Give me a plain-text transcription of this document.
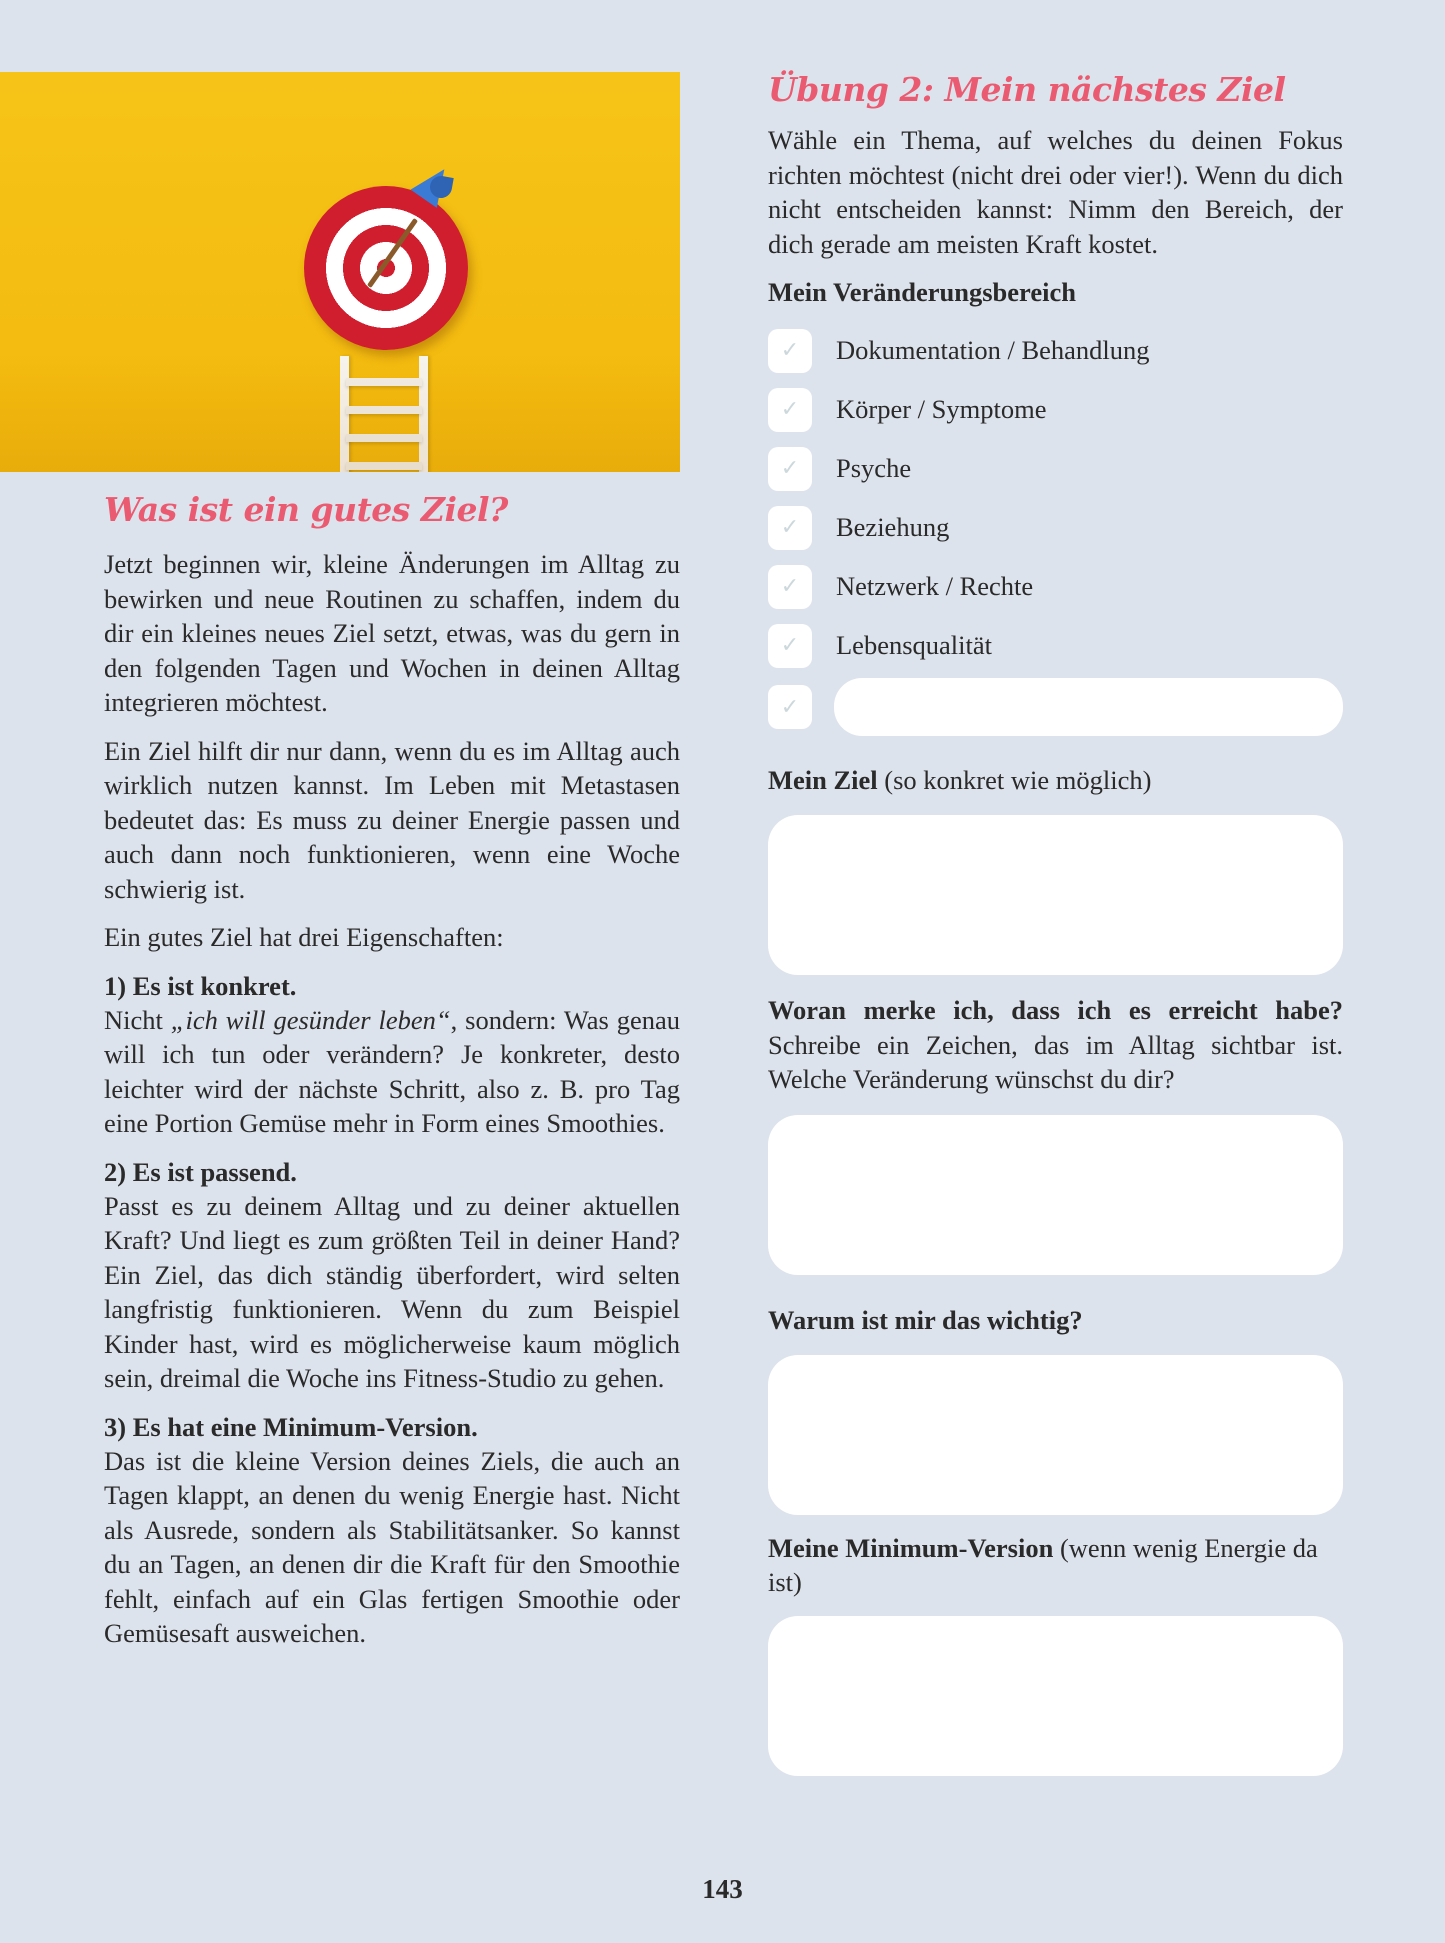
Was ist ein gutes Ziel?

Jetzt beginnen wir, kleine Änderungen im Alltag zu bewirken und neue Routinen zu schaffen, indem du dir ein kleines neues Ziel setzt, etwas, was du gern in den folgenden Tagen und Wochen in deinen Alltag integrieren möchtest.

Ein Ziel hilft dir nur dann, wenn du es im Alltag auch wirklich nutzen kannst. Im Leben mit Metastasen bedeutet das: Es muss zu deiner Energie passen und auch dann noch funktionieren, wenn eine Woche schwierig ist.

Ein gutes Ziel hat drei Eigenschaften:

1) Es ist konkret.

Nicht „ich will gesünder leben“, sondern: Was genau will ich tun oder verändern? Je konkreter, desto leichter wird der nächste Schritt, also z. B. pro Tag eine Portion Gemüse mehr in Form eines Smoothies.

2) Es ist passend.

Passt es zu deinem Alltag und zu deiner aktuellen Kraft? Und liegt es zum größten Teil in deiner Hand? Ein Ziel, das dich ständig überfordert, wird selten langfristig funktionieren. Wenn du zum Beispiel Kinder hast, wird es möglicherweise kaum möglich sein, dreimal die Woche ins Fitness-Studio zu gehen.

3) Es hat eine Minimum-Version.

Das ist die kleine Version deines Ziels, die auch an Tagen klappt, an denen du wenig Energie hast. Nicht als Ausrede, sondern als Stabilitätsanker. So kannst du an Tagen, an denen dir die Kraft für den Smoothie fehlt, einfach auf ein Glas fertigen Smoothie oder Gemüsesaft ausweichen.

Übung 2: Mein nächstes Ziel

Wähle ein Thema, auf welches du deinen Fokus richten möchtest (nicht drei oder vier!). Wenn du dich nicht entscheiden kannst: Nimm den Bereich, der dich gerade am meisten Kraft kostet.

Mein Veränderungsbereich
✓	Dokumentation / Behandlung
✓	Körper / Symptome
✓	Psyche
✓	Beziehung
✓	Netzwerk / Rechte
✓	Lebensqualität
✓
Mein Ziel (so konkret wie möglich)

Woran merke ich, dass ich es erreicht habe? Schreibe ein Zeichen, das im Alltag sichtbar ist. Welche Veränderung wünschst du dir?

Warum ist mir das wichtig?

Meine Minimum-Version (wenn wenig Energie da ist)

143
